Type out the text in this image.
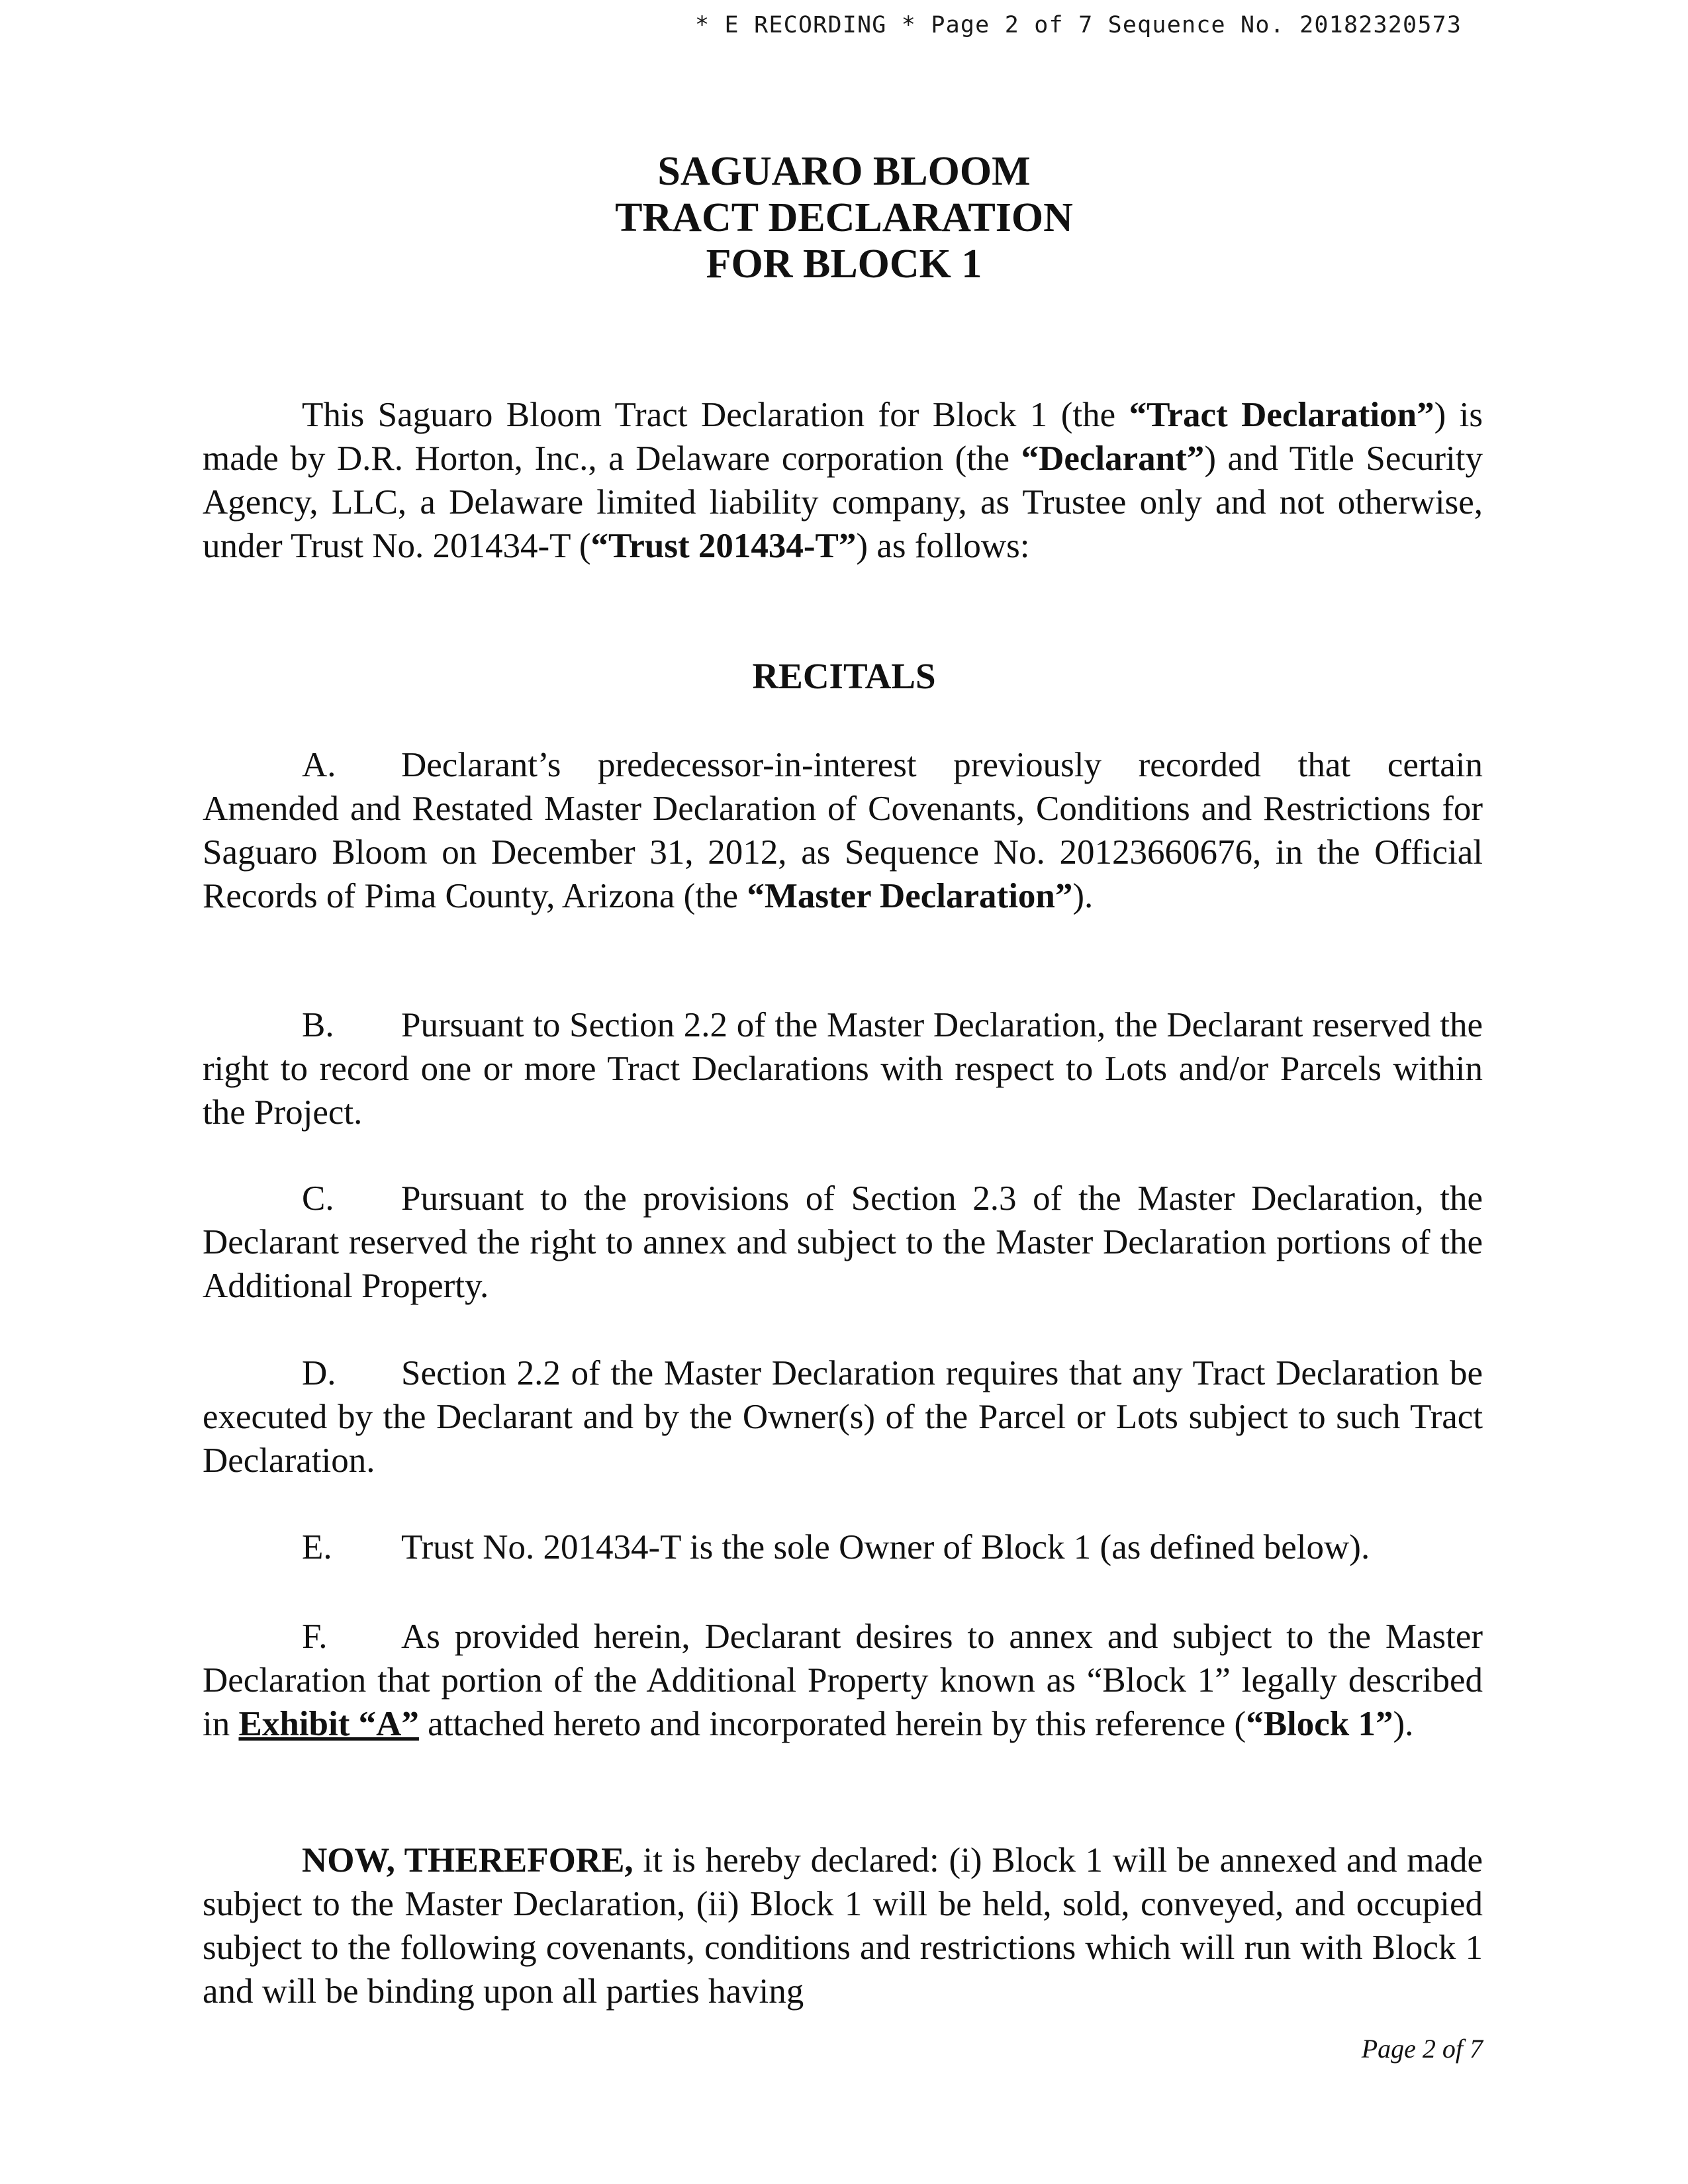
* E RECORDING * Page 2 of 7 Sequence No. 20182320573
SAGUARO BLOOM
TRACT DECLARATION
FOR BLOCK 1
This Saguaro Bloom Tract Declaration for Block 1 (the “Tract Declaration”) is made by D.R. Horton, Inc., a Delaware corporation (the “Declarant”) and Title Security Agency, LLC, a Delaware limited liability company, as Trustee only and not otherwise, under Trust No. 201434-T (“Trust 201434-T”) as follows:
RECITALS
A. Declarant’s predecessor-in-interest previously recorded that certain Amended and Restated Master Declaration of Covenants, Conditions and Restrictions for Saguaro Bloom on December 31, 2012, as Sequence No. 20123660676, in the Official Records of Pima County, Arizona (the “Master Declaration”).
B. Pursuant to Section 2.2 of the Master Declaration, the Declarant reserved the right to record one or more Tract Declarations with respect to Lots and/or Parcels within the Project.
C. Pursuant to the provisions of Section 2.3 of the Master Declaration, the Declarant reserved the right to annex and subject to the Master Declaration portions of the Additional Property.
D. Section 2.2 of the Master Declaration requires that any Tract Declaration be executed by the Declarant and by the Owner(s) of the Parcel or Lots subject to such Tract Declaration.
E. Trust No. 201434-T is the sole Owner of Block 1 (as defined below).
F. As provided herein, Declarant desires to annex and subject to the Master Declaration that portion of the Additional Property known as “Block 1” legally described in Exhibit “A” attached hereto and incorporated herein by this reference (“Block 1”).
NOW, THEREFORE, it is hereby declared: (i) Block 1 will be annexed and made subject to the Master Declaration, (ii) Block 1 will be held, sold, conveyed, and occupied subject to the following covenants, conditions and restrictions which will run with Block 1 and will be binding upon all parties having
Page 2 of 7
